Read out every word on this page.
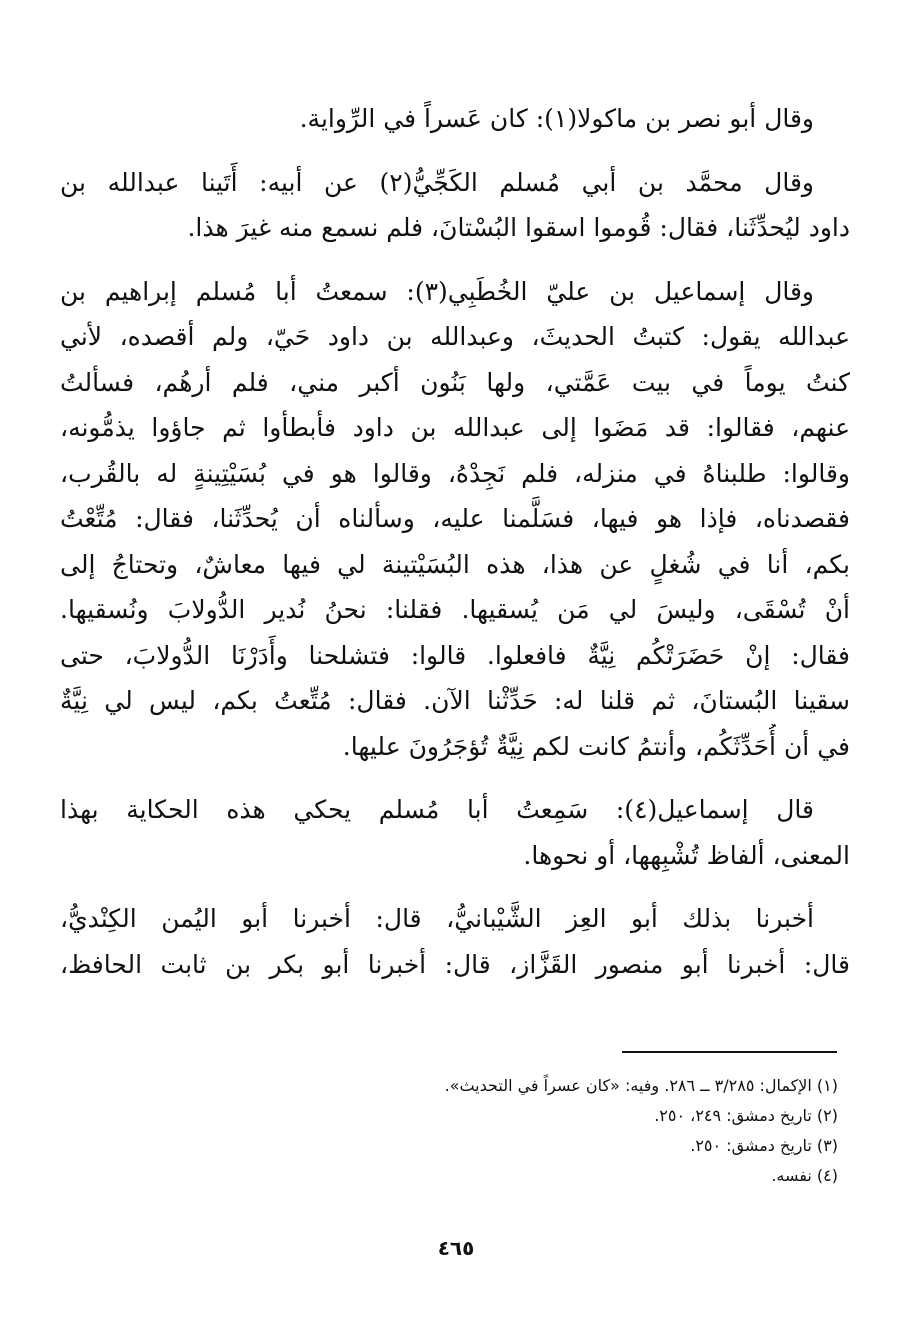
وقال أبو نصر بن ماكولا(١): كان عَسراً في الرِّواية.

وقال محمَّد بن أبي مُسلم الكَجِّيُّ(٢) عن أبيه: أَتَينا عبدالله بن
داود ليُحدِّثَنا، فقال: قُوموا اسقوا البُسْتانَ، فلم نسمع منه غيرَ هذا.

وقال إسماعيل بن عليّ الخُطَبِي(٣): سمعتُ أبا مُسلم إبراهيم بن
عبدالله يقول: كتبتُ الحديثَ، وعبدالله بن داود حَيّ، ولم أقصده، لأني
كنتُ يوماً في بيت عَمَّتي، ولها بَنُون أكبر مني، فلم أرهُم، فسألتُ
عنهم، فقالوا: قد مَضَوا إلى عبدالله بن داود فأبطأوا ثم جاؤوا يذمُّونه،
وقالوا: طلبناهُ في منزله، فلم نَجِدْهُ، وقالوا هو في بُسَيْتِينةٍ له بالقُرب،
فقصدناه، فإذا هو فيها، فسَلَّمنا عليه، وسألناه أن يُحدِّثَنا، فقال: مُتِّعْتُ
بكم، أنا في شُغلٍ عن هذا، هذه البُسَيْتينة لي فيها معاشٌ، وتحتاجُ إلى
أنْ تُسْقَى، وليسَ لي مَن يُسقيها. فقلنا: نحنُ نُدير الدُّولابَ ونُسقيها.
فقال: إنْ حَضَرَتْكُم نِيَّةٌ فافعلوا. قالوا: فتشلحنا وأَدَرْنَا الدُّولابَ، حتى
سقينا البُستانَ، ثم قلنا له: حَدِّثْنا الآن. فقال: مُتِّعتُ بكم، ليس لي نِيَّةٌ
في أن أُحَدِّثَكُم، وأنتمُ كانت لكم نِيَّةٌ تُؤجَرُونَ عليها.

قال إسماعيل(٤): سَمِعتُ أبا مُسلم يحكي هذه الحكاية بهذا
المعنى، ألفاظ تُشْبِهها، أو نحوها.

أخبرنا بذلك أبو العِز الشَّيْبانيُّ، قال: أخبرنا أبو اليُمن الكِنْديُّ،
قال: أخبرنا أبو منصور القَزَّاز، قال: أخبرنا أبو بكر بن ثابت الحافظ،

(١) الإكمال: ٣/٢٨٥ ــ ٢٨٦. وفيه: «كان عسراً في التحديث».
(٢) تاريخ دمشق: ٢٤٩، ٢٥٠.
(٣) تاريخ دمشق: ٢٥٠.
(٤) نفسه.
٤٦٥
